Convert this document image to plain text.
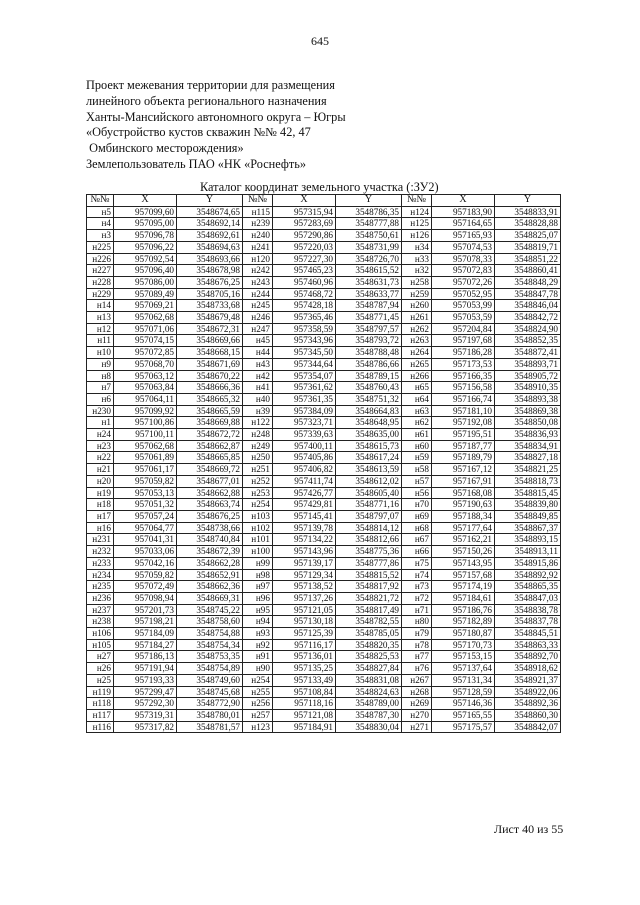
645
Проект межевания территории для размещения
линейного объекта регионального назначения
Ханты-Мансийского автономного округа – Югры
«Обустройство кустов скважин №№ 42, 47
Омбинского месторождения»
Землепользователь ПАО «НК «Роснефть»
Каталог координат земельного участка (:ЗУ2)
№№	X	Y	№№	X	Y	№№	X	Y
н5	957099,60	3548674,65	н115	957315,94	3548786,35	н124	957183,90	3548833,91
н4	957095,00	3548692,14	н239	957283,69	3548777,88	н125	957164,65	3548828,88
н3	957096,78	3548692,61	н240	957290,86	3548750,61	н126	957165,93	3548825,07
н225	957096,22	3548694,63	н241	957220,03	3548731,99	н34	957074,53	3548819,71
н226	957092,54	3548693,66	н120	957227,30	3548726,70	н33	957078,33	3548851,22
н227	957096,40	3548678,98	н242	957465,23	3548615,52	н32	957072,83	3548860,41
н228	957086,00	3548676,25	н243	957460,96	3548631,73	н258	957072,26	3548848,29
н229	957089,49	3548705,16	н244	957468,72	3548633,77	н259	957052,95	3548847,78
н14	957069,21	3548733,68	н245	957428,18	3548787,94	н260	957053,99	3548846,04
н13	957062,68	3548679,48	н246	957365,46	3548771,45	н261	957053,59	3548842,72
н12	957071,06	3548672,31	н247	957358,59	3548797,57	н262	957204,84	3548824,90
н11	957074,15	3548669,66	н45	957343,96	3548793,72	н263	957197,68	3548852,35
н10	957072,85	3548668,15	н44	957345,50	3548788,48	н264	957186,28	3548872,41
н9	957068,70	3548671,69	н43	957344,64	3548786,66	н265	957173,53	3548893,71
н8	957063,12	3548670,22	н42	957354,07	3548789,15	н266	957166,35	3548905,72
н7	957063,84	3548666,36	н41	957361,62	3548760,43	н65	957156,58	3548910,35
н6	957064,11	3548665,32	н40	957361,35	3548751,32	н64	957166,74	3548893,38
н230	957099,92	3548665,59	н39	957384,09	3548664,83	н63	957181,10	3548869,38
н1	957100,86	3548669,88	н122	957323,71	3548648,95	н62	957192,08	3548850,08
н24	957100,11	3548672,72	н248	957339,63	3548635,00	н61	957195,51	3548836,93
н23	957062,68	3548662,87	н249	957400,11	3548615,73	н60	957187,77	3548834,91
н22	957061,89	3548665,85	н250	957405,86	3548617,24	н59	957189,79	3548827,18
н21	957061,17	3548669,72	н251	957406,82	3548613,59	н58	957167,12	3548821,25
н20	957059,82	3548677,01	н252	957411,74	3548612,02	н57	957167,91	3548818,73
н19	957053,13	3548662,88	н253	957426,77	3548605,40	н56	957168,08	3548815,45
н18	957051,32	3548663,74	н254	957429,81	3548771,16	н70	957190,63	3548839,80
н17	957057,24	3548676,25	н103	957145,41	3548797,07	н69	957188,34	3548849,85
н16	957064,77	3548738,66	н102	957139,78	3548814,12	н68	957177,64	3548867,37
н231	957041,31	3548740,84	н101	957134,22	3548812,66	н67	957162,21	3548893,15
н232	957033,06	3548672,39	н100	957143,96	3548775,36	н66	957150,26	3548913,11
н233	957042,16	3548662,28	н99	957139,17	3548777,86	н75	957143,95	3548915,86
н234	957059,82	3548652,91	н98	957129,34	3548815,52	н74	957157,68	3548892,92
н235	957072,49	3548662,36	н97	957138,52	3548817,92	н73	957174,19	3548865,35
н236	957098,94	3548669,31	н96	957137,26	3548821,72	н72	957184,61	3548847,03
н237	957201,73	3548745,22	н95	957121,05	3548817,49	н71	957186,76	3548838,78
н238	957198,21	3548758,60	н94	957130,18	3548782,55	н80	957182,89	3548837,78
н106	957184,09	3548754,88	н93	957125,39	3548785,05	н79	957180,87	3548845,51
н105	957184,27	3548754,34	н92	957116,17	3548820,35	н78	957170,73	3548863,33
н27	957186,13	3548753,35	н91	957136,01	3548825,53	н77	957153,15	3548892,70
н26	957191,94	3548754,89	н90	957135,25	3548827,84	н76	957137,64	3548918,62
н25	957193,33	3548749,60	н254	957133,49	3548831,08	н267	957131,34	3548921,37
н119	957299,47	3548745,68	н255	957108,84	3548824,63	н268	957128,59	3548922,06
н118	957292,30	3548772,90	н256	957118,16	3548789,00	н269	957146,36	3548892,36
н117	957319,31	3548780,01	н257	957121,08	3548787,30	н270	957165,55	3548860,30
н116	957317,82	3548781,57	н123	957184,91	3548830,04	н271	957175,57	3548842,07
Лист 40 из 55
